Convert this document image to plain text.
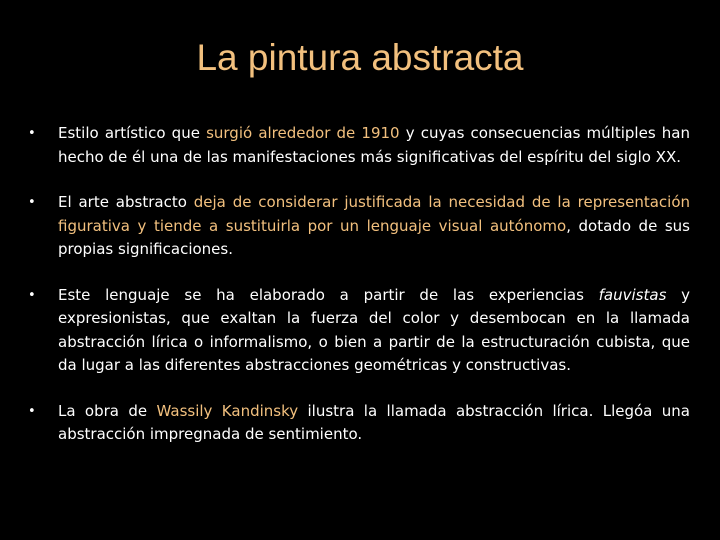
La pintura abstracta
• Estilo artístico que surgió alrededor de 1910 y cuyas consecuencias múltiples han hecho de él una de las manifestaciones más significativas del espíritu del siglo XX.
• El arte abstracto deja de considerar justificada la necesidad de la representación figurativa y tiende a sustituirla por un lenguaje visual autónomo, dotado de sus propias significaciones.
• Este lenguaje se ha elaborado a partir de las experiencias fauvistas y expresionistas, que exaltan la fuerza del color y desembocan en la llamada abstracción lírica o informalismo, o bien a partir de la estructuración cubista, que da lugar a las diferentes abstracciones geométricas y constructivas.
• La obra de Wassily Kandinsky ilustra la llamada abstracción lírica. Llegóa una abstracción impregnada de sentimiento.
